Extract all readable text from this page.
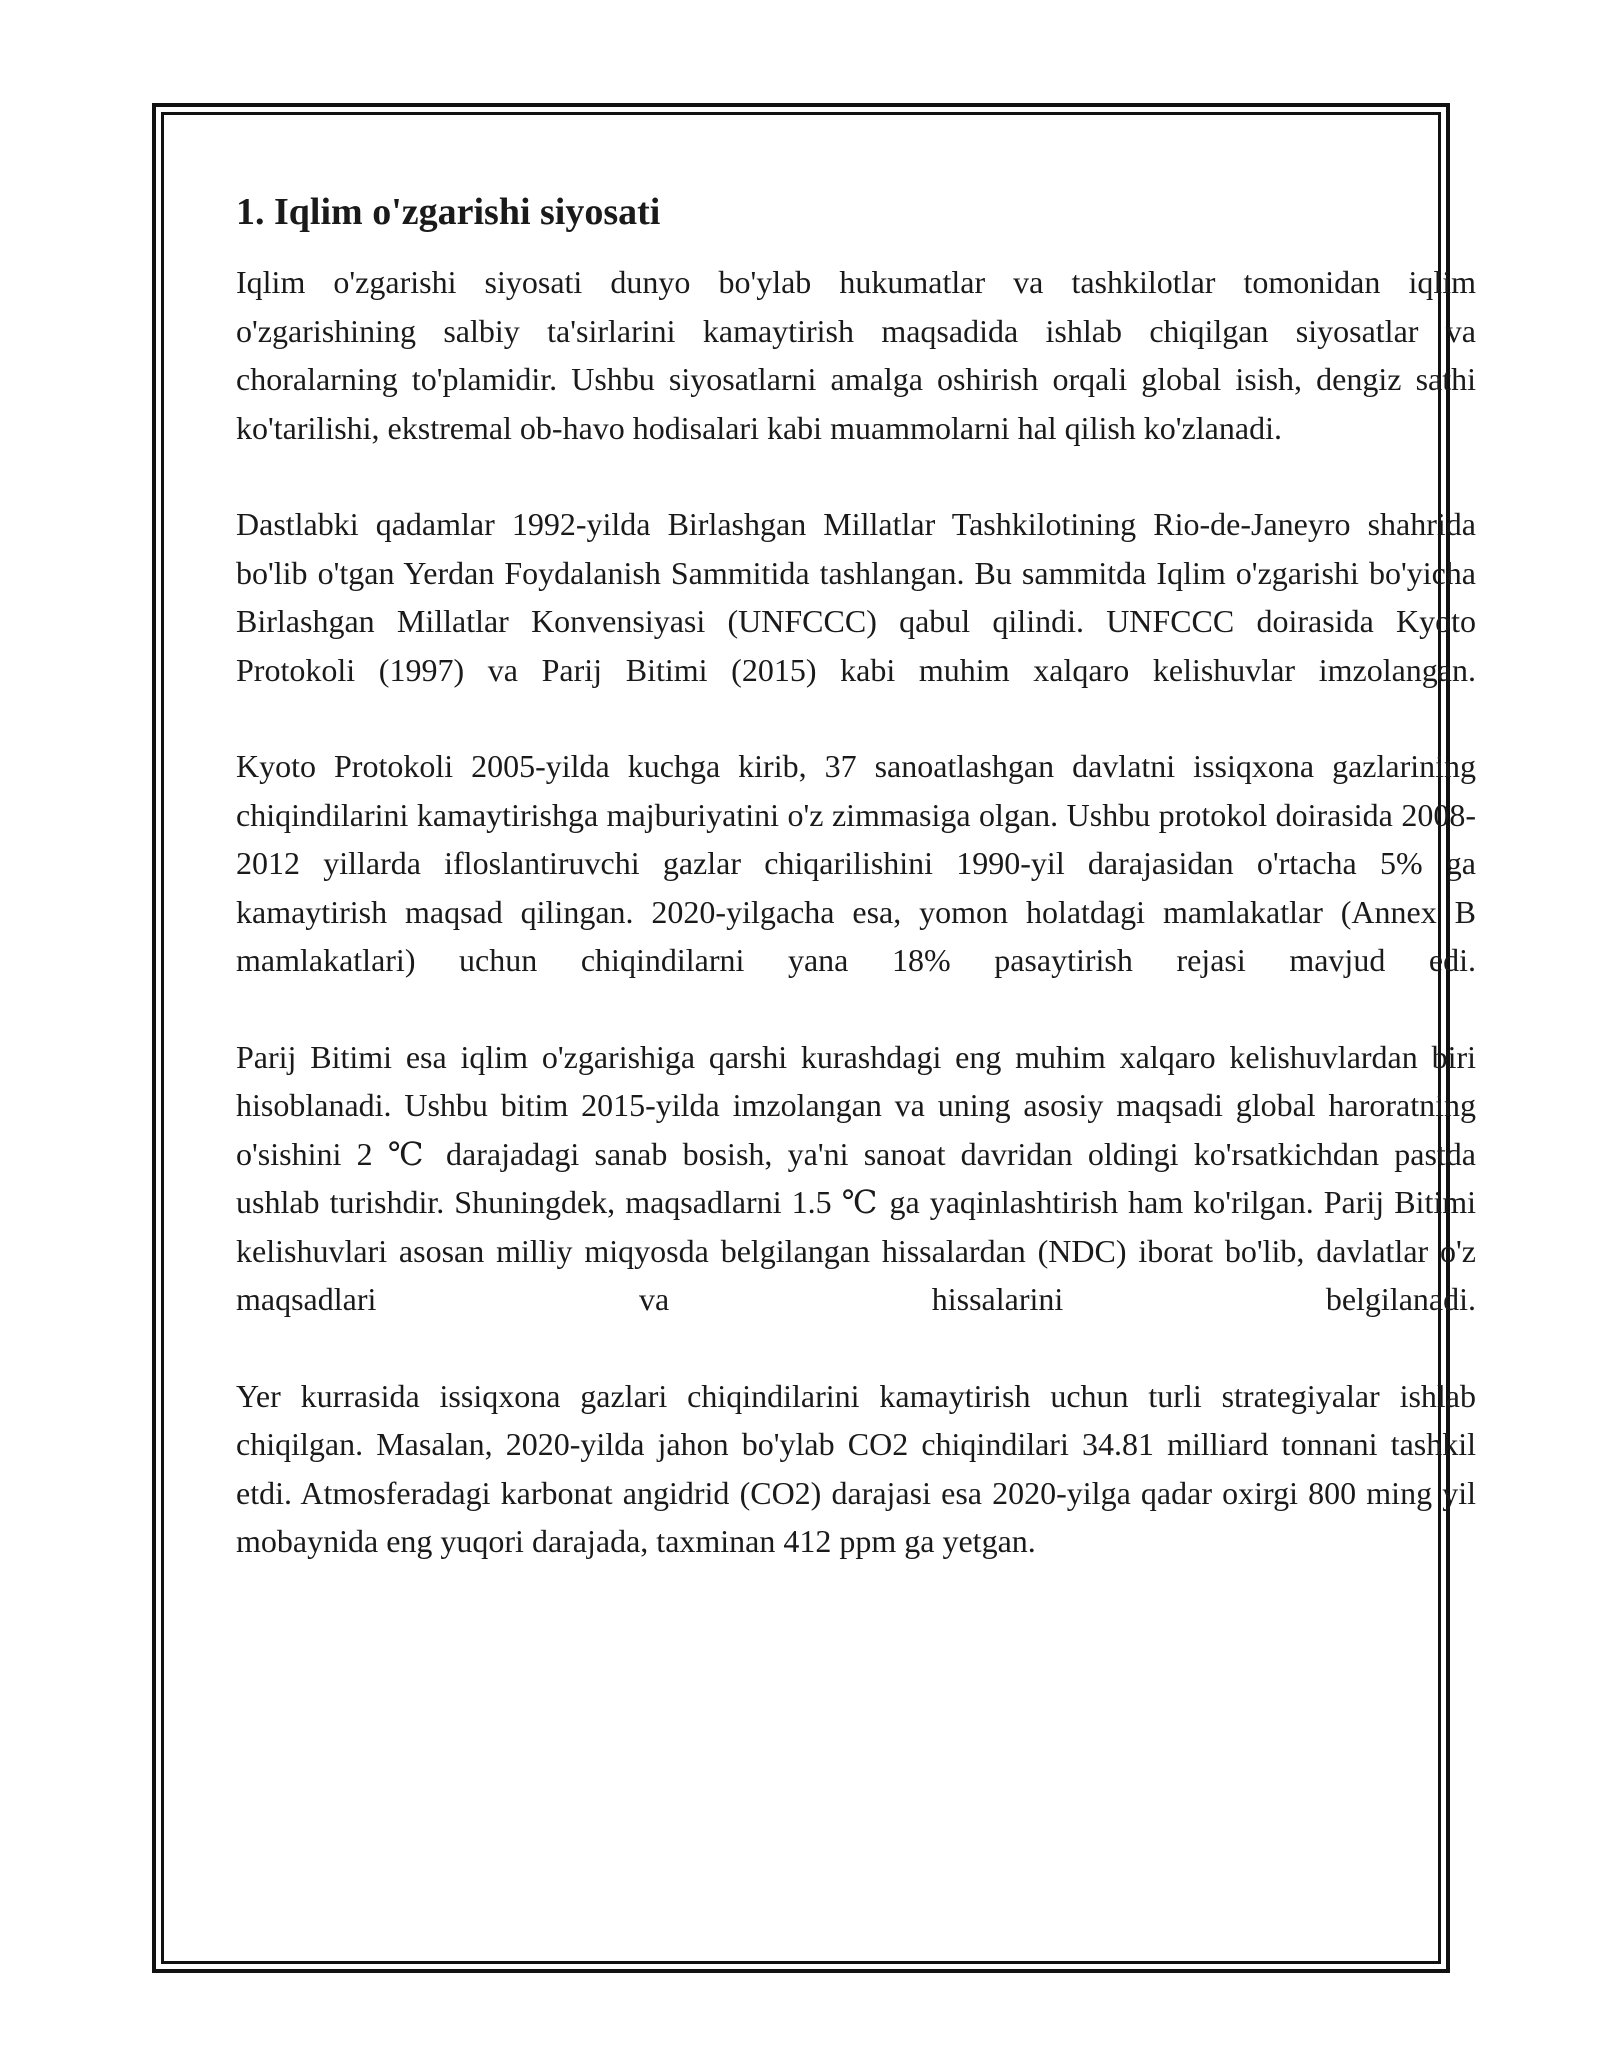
1. Iqlim o'zgarishi siyosati

Iqlim o'zgarishi siyosati dunyo bo'ylab hukumatlar va tashkilotlar tomonidan iqlim o'zgarishining salbiy ta'sirlarini kamaytirish maqsadida ishlab chiqilgan siyosatlar va choralarning to'plamidir. Ushbu siyosatlarni amalga oshirish orqali global isish, dengiz sathi ko'tarilishi, ekstremal ob-havo hodisalari kabi muammolarni hal qilish ko'zlanadi.

Dastlabki qadamlar 1992-yilda Birlashgan Millatlar Tashkilotining Rio-de-Janeyro shahrida bo'lib o'tgan Yerdan Foydalanish Sammitida tashlangan. Bu sammitda Iqlim o'zgarishi bo'yicha Birlashgan Millatlar Konvensiyasi (UNFCCC) qabul qilindi. UNFCCC doirasida Kyoto Protokoli (1997) va Parij Bitimi (2015) kabi muhim xalqaro kelishuvlar imzolangan.

Kyoto Protokoli 2005-yilda kuchga kirib, 37 sanoatlashgan davlatni issiqxona gazlarining chiqindilarini kamaytirishga majburiyatini o'z zimmasiga olgan. Ushbu protokol doirasida 2008-2012 yillarda ifloslantiruvchi gazlar chiqarilishini 1990-yil darajasidan o'rtacha 5% ga kamaytirish maqsad qilingan. 2020-yilgacha esa, yomon holatdagi mamlakatlar (Annex B mamlakatlari) uchun chiqindilarni yana 18% pasaytirish rejasi mavjud edi.

Parij Bitimi esa iqlim o'zgarishiga qarshi kurashdagi eng muhim xalqaro kelishuvlardan biri hisoblanadi. Ushbu bitim 2015-yilda imzolangan va uning asosiy maqsadi global haroratning o'sishini 2 ℃ darajadagi sanab bosish, ya'ni sanoat davridan oldingi ko'rsatkichdan pastda ushlab turishdir. Shuningdek, maqsadlarni 1.5 ℃ ga yaqinlashtirish ham ko'rilgan. Parij Bitimi kelishuvlari asosan milliy miqyosda belgilangan hissalardan (NDC) iborat bo'lib, davlatlar o'z maqsadlari va hissalarini belgilanadi.

Yer kurrasida issiqxona gazlari chiqindilarini kamaytirish uchun turli strategiyalar ishlab chiqilgan. Masalan, 2020-yilda jahon bo'ylab CO2 chiqindilari 34.81 milliard tonnani tashkil etdi. Atmosferadagi karbonat angidrid (CO2) darajasi esa 2020-yilga qadar oxirgi 800 ming yil mobaynida eng yuqori darajada, taxminan 412 ppm ga yetgan.
